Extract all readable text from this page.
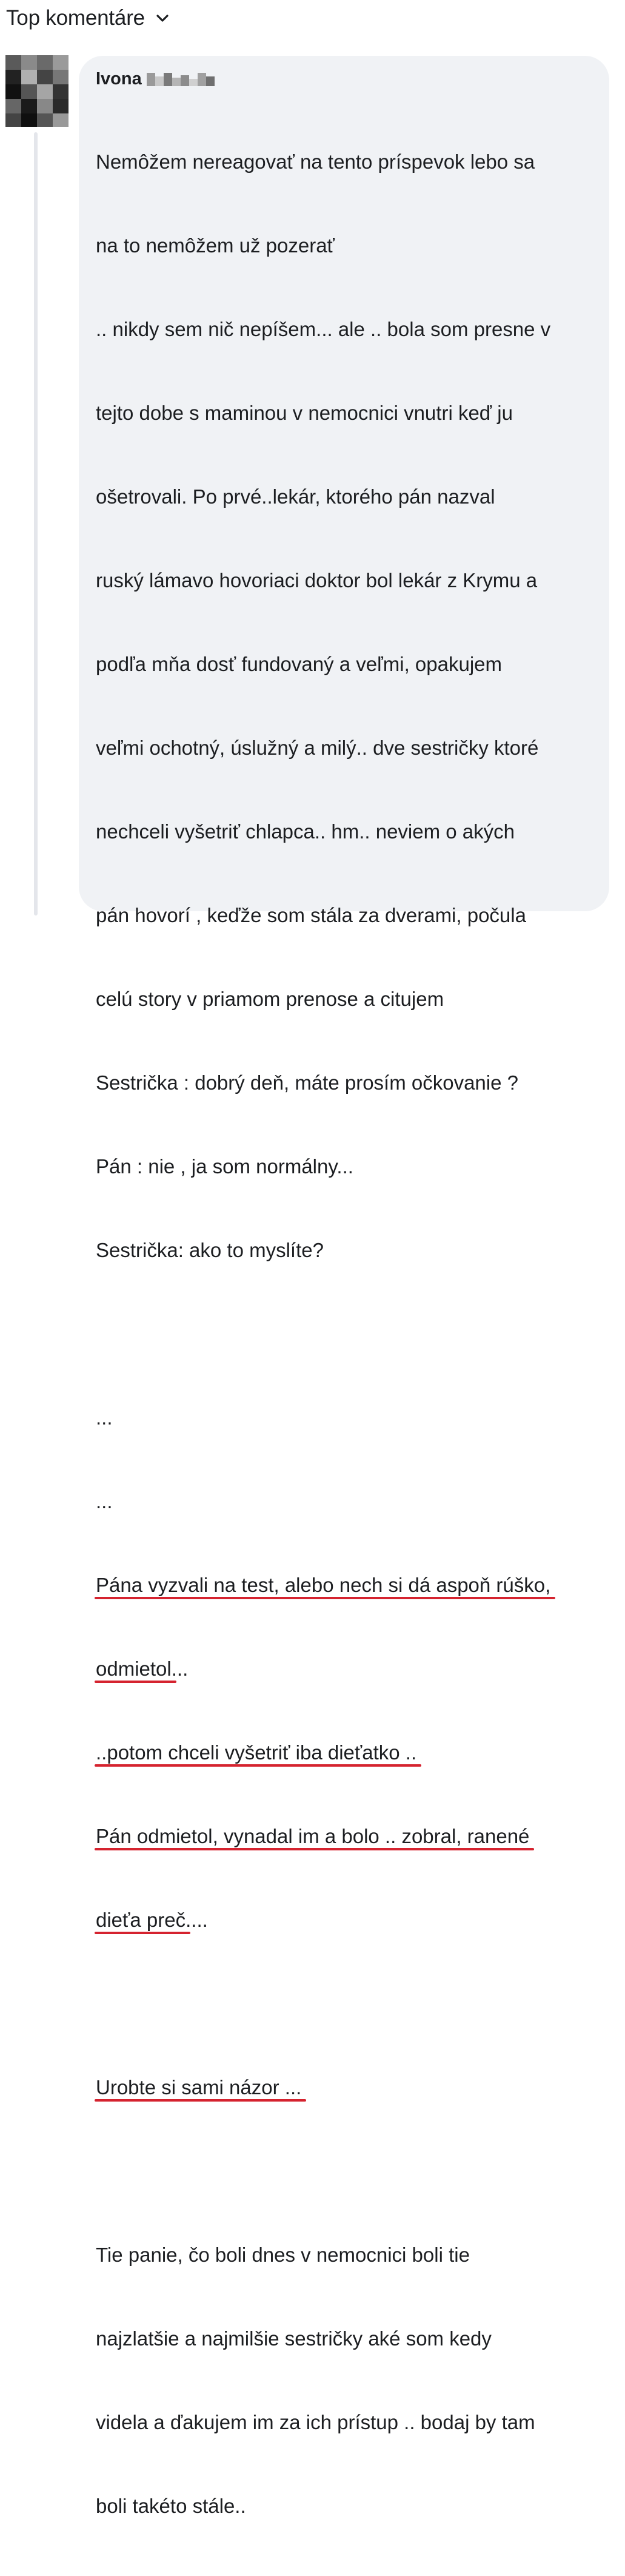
Top komentáre
Ivona

Nemôžem nereagovať na tento príspevok lebo sa

na to nemôžem už pozerať

.. nikdy sem nič nepíšem... ale .. bola som presne v

tejto dobe s maminou v nemocnici vnutri keď ju

ošetrovali. Po prvé..lekár, ktorého pán nazval

ruský lámavo hovoriaci doktor bol lekár z Krymu a

podľa mňa dosť fundovaný a veľmi, opakujem

veľmi ochotný, úslužný a milý.. dve sestričky ktoré

nechceli vyšetriť chlapca.. hm.. neviem o akých

pán hovorí , keďže som stála za dverami, počula

celú story v priamom prenose a citujem

Sestrička : dobrý deň, máte prosím očkovanie ?

Pán : nie , ja som normálny...

Sestrička: ako to myslíte?

...

...

Pána vyzvali na test, alebo nech si dá aspoň rúško,

odmietol...

..potom chceli vyšetriť iba dieťatko ..

Pán odmietol, vynadal im a bolo .. zobral, ranené

dieťa preč....

Urobte si sami názor ...

Tie panie, čo boli dnes v nemocnici boli tie

najzlatšie a najmilšie sestričky aké som kedy

videla a ďakujem im za ich prístup .. bodaj by tam

boli takéto stále..
